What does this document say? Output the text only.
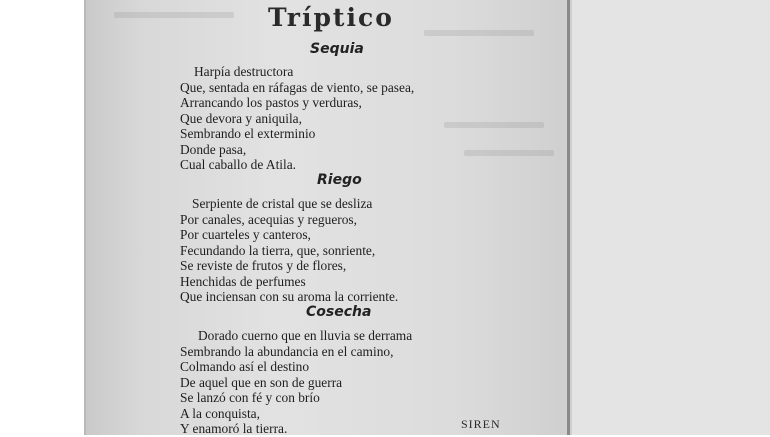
Tríptico
Sequia
Harpía destructora
Que, sentada en ráfagas de viento, se pasea,
Arrancando los pastos y verduras,
Que devora y aniquila,
Sembrando el exterminio
Donde pasa,
Cual caballo de Atila.
Riego
Serpiente de cristal que se desliza
Por canales, acequias y regueros,
Por cuarteles y canteros,
Fecundando la tierra, que, sonriente,
Se reviste de frutos y de flores,
Henchidas de perfumes
Que inciensan con su aroma la corriente.
Cosecha
Dorado cuerno que en lluvia se derrama
Sembrando la abundancia en el camino,
Colmando así el destino
De aquel que en son de guerra
Se lanzó con fé y con brío
A la conquista,
Y enamoró la tierra.	SIREN
